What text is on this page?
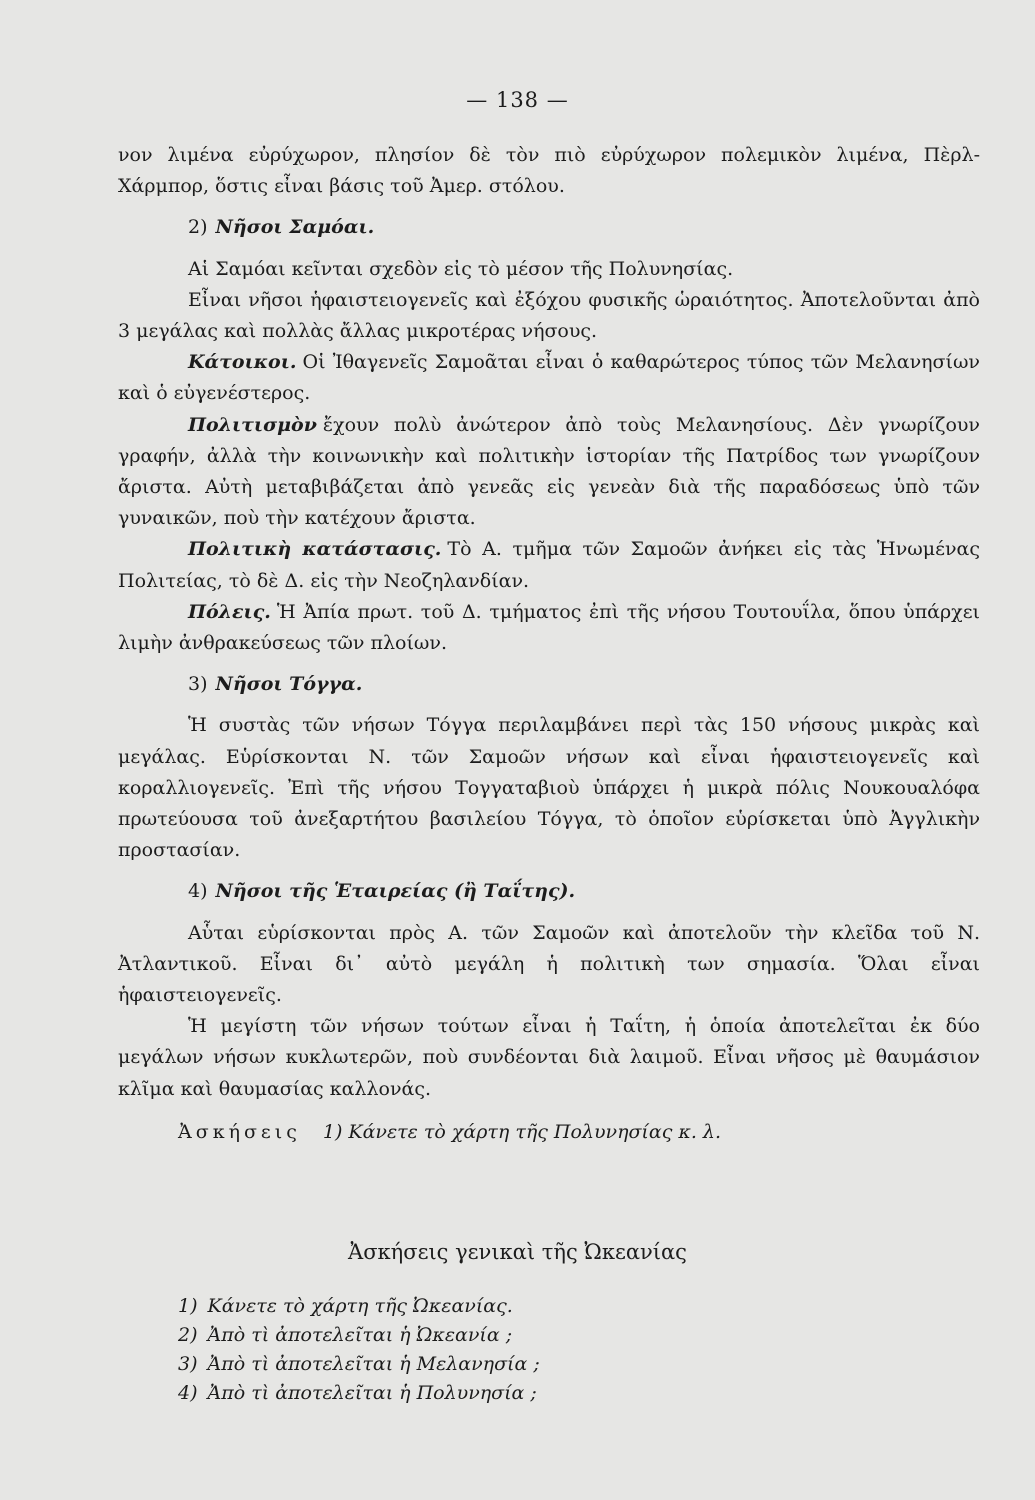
— 138 —

νον λιμένα εὐρύχωρον, πλησίον δὲ τὸν πιὸ εὐρύχωρον πολεμικὸν λιμένα, Πὲρλ-Χάρμπορ, ὅστις εἶναι βάσις τοῦ Ἀμερ. στόλου.

2) Νῆσοι Σαμόαι.

Αἱ Σαμόαι κεῖνται σχεδὸν εἰς τὸ μέσον τῆς Πολυνησίας.

Εἶναι νῆσοι ἡφαιστειογενεῖς καὶ ἐξόχου φυσικῆς ὡραιότητος. Ἀποτελοῦνται ἀπὸ 3 μεγάλας καὶ πολλὰς ἄλλας μικροτέρας νήσους.

Κάτοικοι. Οἱ Ἰθαγενεῖς Σαμοᾶται εἶναι ὁ καθαρώτερος τύπος τῶν Μελανησίων καὶ ὁ εὐγενέστερος.

Πολιτισμὸν ἔχουν πολὺ ἀνώτερον ἀπὸ τοὺς Μελανησίους. Δὲν γνωρίζουν γραφήν, ἀλλὰ τὴν κοινωνικὴν καὶ πολιτικὴν ἱστορίαν τῆς Πατρίδος των γνωρίζουν ἄριστα. Αὐτὴ μεταβιβάζεται ἀπὸ γενεᾶς εἰς γενεὰν διὰ τῆς παραδόσεως ὑπὸ τῶν γυναικῶν, ποὺ τὴν κατέχουν ἄριστα.

Πολιτικὴ κατάστασις. Τὸ Α. τμῆμα τῶν Σαμοῶν ἀνήκει εἰς τὰς Ἡνωμένας Πολιτείας, τὸ δὲ Δ. εἰς τὴν Νεοζηλανδίαν.

Πόλεις. Ἡ Ἀπία πρωτ. τοῦ Δ. τμήματος ἐπὶ τῆς νήσου Τουτουΐλα, ὅπου ὑπάρχει λιμὴν ἀνθρακεύσεως τῶν πλοίων.

3) Νῆσοι Τόγγα.

Ἡ συστὰς τῶν νήσων Τόγγα περιλαμβάνει περὶ τὰς 150 νήσους μικρὰς καὶ μεγάλας. Εὑρίσκονται Ν. τῶν Σαμοῶν νήσων καὶ εἶναι ἡφαιστειογενεῖς καὶ κοραλλιογενεῖς. Ἐπὶ τῆς νήσου Τογγαταβιοὺ ὑπάρχει ἡ μικρὰ πόλις Νουκουαλόφα πρωτεύουσα τοῦ ἀνεξαρτήτου βασιλείου Τόγγα, τὸ ὁποῖον εὑρίσκεται ὑπὸ Ἀγγλικὴν προστασίαν.

4) Νῆσοι τῆς Ἑταιρείας (ἢ Ταΐτης).

Αὗται εὑρίσκονται πρὸς Α. τῶν Σαμοῶν καὶ ἀποτελοῦν τὴν κλεῖδα τοῦ Ν. Ἀτλαντικοῦ. Εἶναι δι᾽ αὐτὸ μεγάλη ἡ πολιτικὴ των σημασία. Ὅλαι εἶναι ἡφαιστειογενεῖς.

Ἡ μεγίστη τῶν νήσων τούτων εἶναι ἡ Ταΐτη, ἡ ὁποία ἀποτελεῖται ἐκ δύο μεγάλων νήσων κυκλωτερῶν, ποὺ συνδέονται διὰ λαιμοῦ. Εἶναι νῆσος μὲ θαυμάσιον κλῖμα καὶ θαυμασίας καλλονάς.

Ἀσκήσεις 1) Κάνετε τὸ χάρτη τῆς Πολυνησίας κ. λ.

Ἀσκήσεις γενικαὶ τῆς Ὠκεανίας
1) Κάνετε τὸ χάρτη τῆς Ὠκεανίας.
2) Ἀπὸ τὶ ἀποτελεῖται ἡ Ὠκεανία ;
3) Ἀπὸ τὶ ἀποτελεῖται ἡ Μελανησία ;
4) Ἀπὸ τὶ ἀποτελεῖται ἡ Πολυνησία ;
